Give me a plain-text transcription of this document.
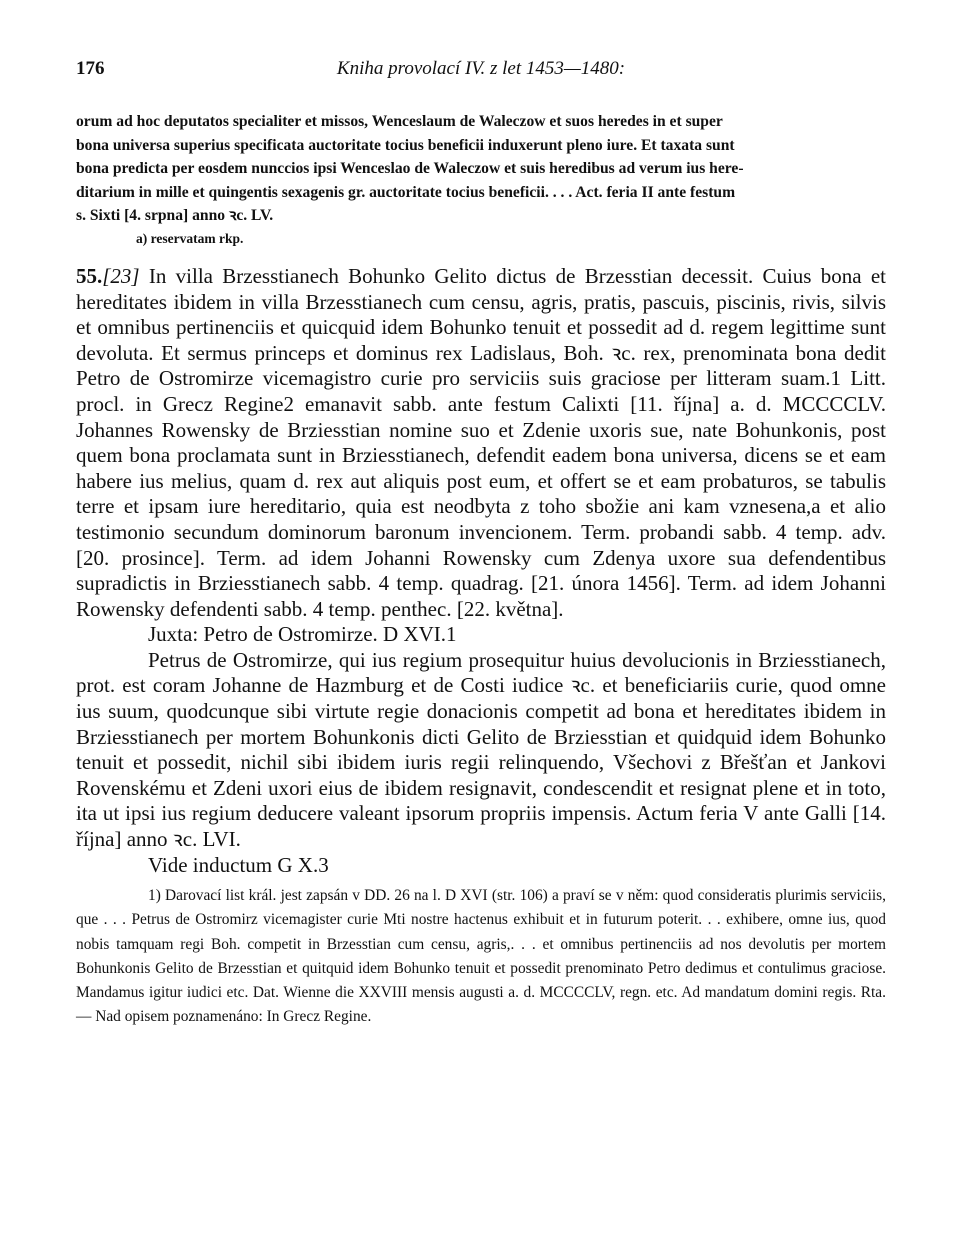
176	Kniha provolací IV. z let 1453—1480:
orum ad hoc deputatos specialiter et missos, Wenceslaum de Waleczow et suos heredes in et super
bona universa superius specificata auctoritate tocius beneficii induxerunt pleno iure. Et taxata sunt
bona predicta per eosdem nunccios ipsi Wenceslao de Waleczow et suis heredibus ad verum ius here-
ditarium in mille et quingentis sexagenis gr. auctoritate tocius beneficii. . . . Act. feria II ante festum
s. Sixti [4. srpna] anno ꝛc. LV.
a) reservatam rkp.
55.[23] In villa Brzesstianech Bohunko Gelito dictus de Brzesstian decessit. Cuius bona et hereditates ibidem in villa Brzesstianech cum censu, agris, pratis, pascuis, piscinis, rivis, silvis et omnibus pertinenciis et quicquid idem Bohunko tenuit et possedit ad d. regem legittime sunt devoluta. Et sermus princeps et dominus rex Ladislaus, Boh. ꝛc. rex, prenominata bona dedit Petro de Ostromirze vicemagistro curie pro serviciis suis graciose per litteram suam.1 Litt. procl. in Grecz Regine2 emanavit sabb. ante festum Calixti [11. října] a. d. MCCCCLV. Johannes Rowensky de Brziesstian nomine suo et Zdenie uxoris sue, nate Bohunkonis, post quem bona proclamata sunt in Brziesstianech, defendit eadem bona universa, dicens se et eam habere ius melius, quam d. rex aut aliquis post eum, et offert se et eam probaturos, se tabulis terre et ipsam iure hereditario, quia est neodbyta z toho sbožie ani kam vznesena,a et alio testimonio secundum dominorum baronum invencionem. Term. probandi sabb. 4 temp. adv. [20. prosince]. Term. ad idem Johanni Rowensky cum Zdenya uxore sua defendentibus supradictis in Brziesstianech sabb. 4 temp. quadrag. [21. února 1456]. Term. ad idem Johanni Rowensky defendenti sabb. 4 temp. penthec. [22. května].
Juxta: Petro de Ostromirze. D XVI.1
Petrus de Ostromirze, qui ius regium prosequitur huius devolucionis in Brziesstianech, prot. est coram Johanne de Hazmburg et de Costi iudice ꝛc. et beneficiariis curie, quod omne ius suum, quodcunque sibi virtute regie donacionis competit ad bona et hereditates ibidem in Brziesstianech per mortem Bohunkonis dicti Gelito de Brziesstian et quidquid idem Bohunko tenuit et possedit, nichil sibi ibidem iuris regii relinquendo, Všechovi z Břešťan et Jankovi Rovenskému et Zdeni uxori eius de ibidem resignavit, condescendit et resignat plene et in toto, ita ut ipsi ius regium deducere valeant ipsorum propriis impensis. Actum feria V ante Galli [14. října] anno ꝛc. LVI.
Vide inductum G X.3
1) Darovací list král. jest zapsán v DD. 26 na l. D XVI (str. 106) a praví se v něm: quod consideratis plurimis serviciis, que . . . Petrus de Ostromirz vicemagister curie Mti nostre hactenus exhibuit et in futurum poterit. . . exhibere, omne ius, quod nobis tamquam regi Boh. competit in Brzesstian cum censu, agris,. . . et omnibus pertinenciis ad nos devolutis per mortem Bohunkonis Gelito de Brzesstian et quitquid idem Bohunko tenuit et possedit prenominato Petro dedimus et contulimus graciose. Mandamus igitur iudici etc. Dat. Wienne die XXVIII mensis augusti a. d. MCCCCLV, regn. etc. Ad mandatum domini regis. Rta. — Nad opisem poznamenáno: In Grecz Regine.
